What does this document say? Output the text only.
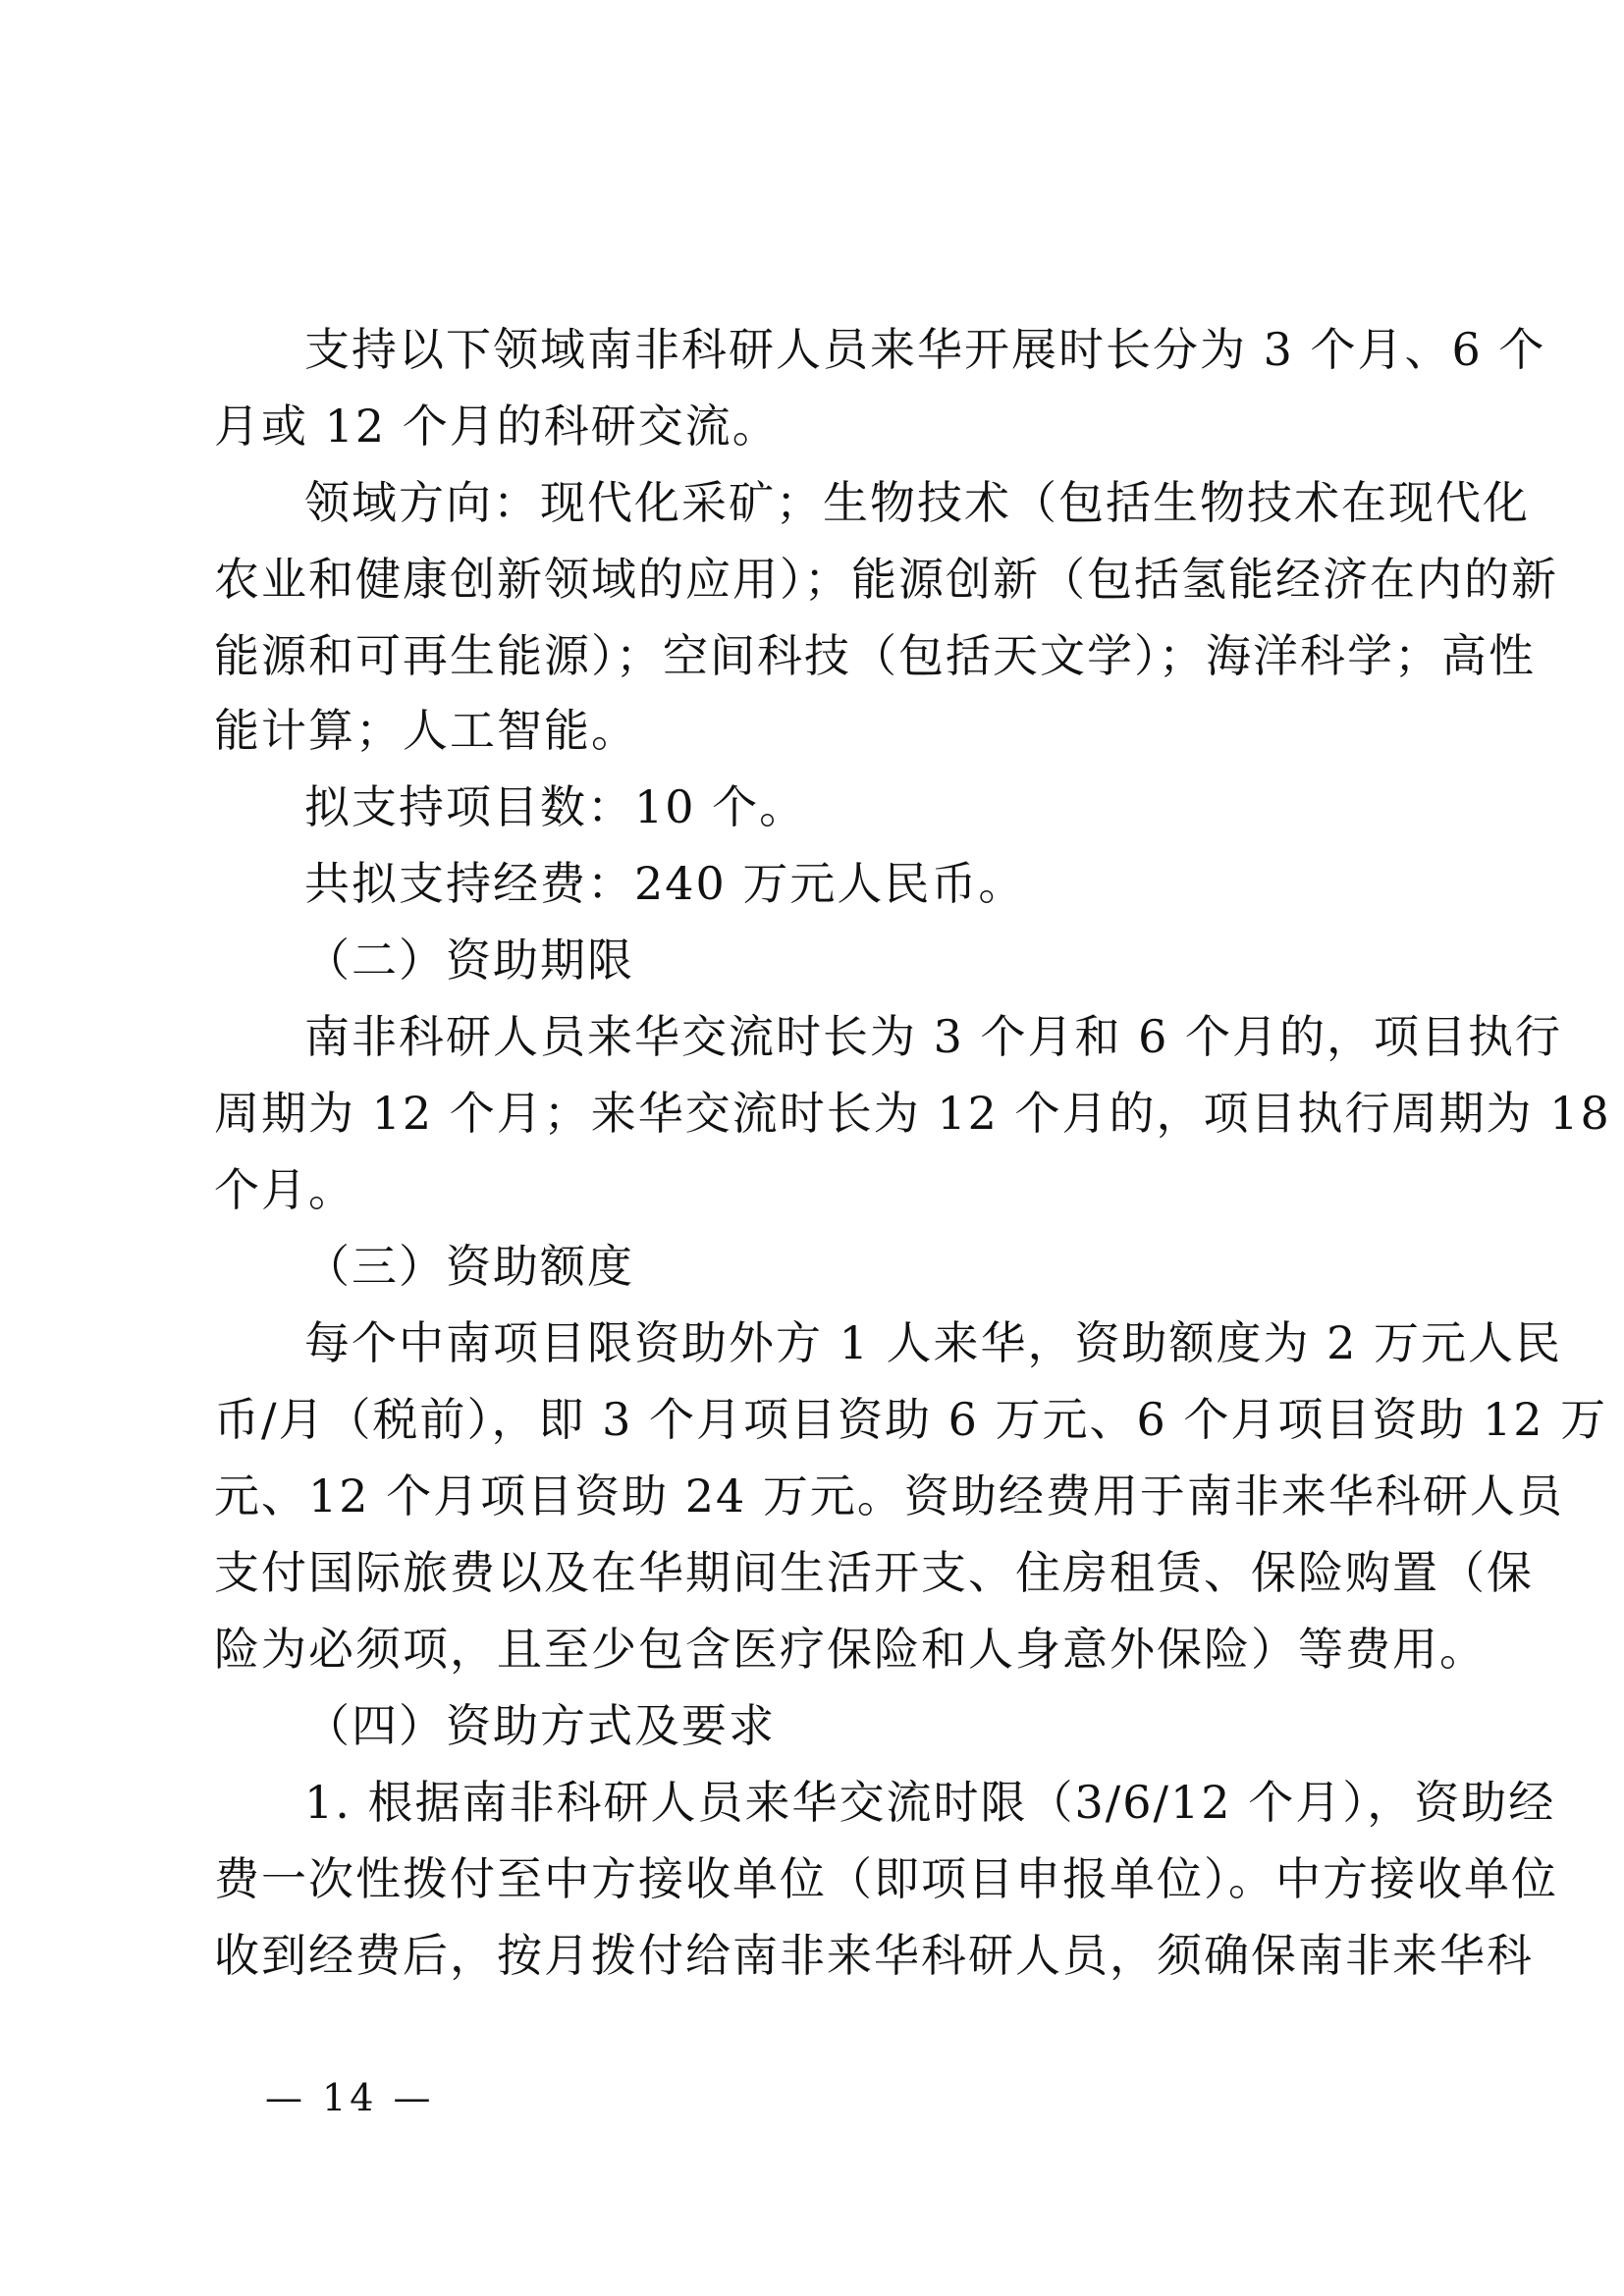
支持以下领域南非科研人员来华开展时长分为 3 个月、6 个
月或 12 个月的科研交流。
领域方向：现代化采矿；生物技术（包括生物技术在现代化
农业和健康创新领域的应用）；能源创新（包括氢能经济在内的新
能源和可再生能源）；空间科技（包括天文学）；海洋科学；高性
能计算；人工智能。
拟支持项目数：10 个。
共拟支持经费：240 万元人民币。
（二）资助期限
南非科研人员来华交流时长为 3 个月和 6 个月的，项目执行
周期为 12 个月；来华交流时长为 12 个月的，项目执行周期为 18
个月。
（三）资助额度
每个中南项目限资助外方 1 人来华，资助额度为 2 万元人民
币/月（税前），即 3 个月项目资助 6 万元、6 个月项目资助 12 万
元、12 个月项目资助 24 万元。资助经费用于南非来华科研人员
支付国际旅费以及在华期间生活开支、住房租赁、保险购置（保
险为必须项，且至少包含医疗保险和人身意外保险）等费用。
（四）资助方式及要求
1. 根据南非科研人员来华交流时限（3/6/12 个月），资助经
费一次性拨付至中方接收单位（即项目申报单位）。中方接收单位
收到经费后，按月拨付给南非来华科研人员，须确保南非来华科
— 14 —
